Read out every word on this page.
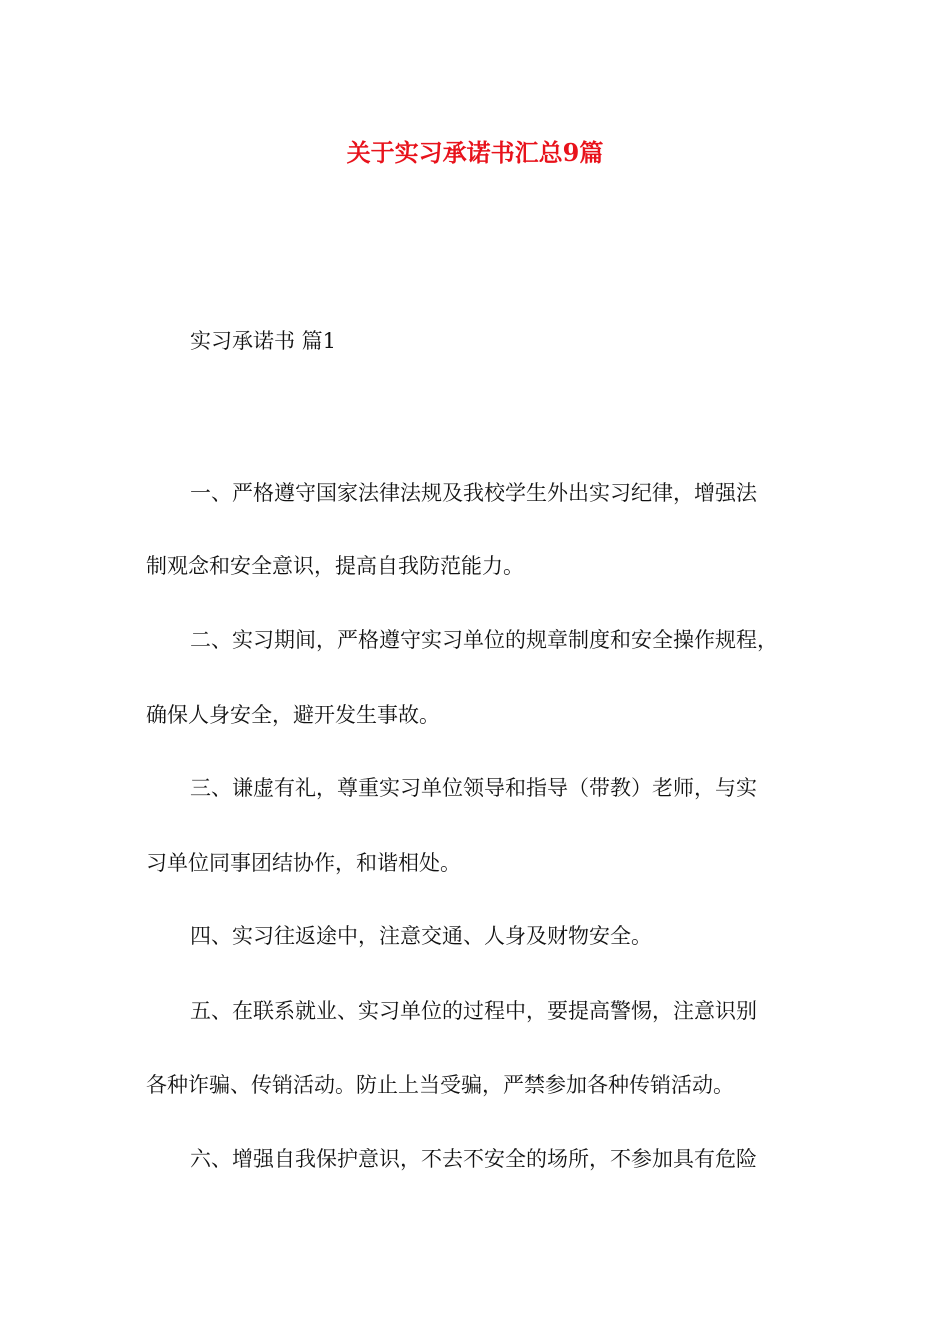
关于实习承诺书汇总9篇

实习承诺书 篇1

一、严格遵守国家法律法规及我校学生外出实习纪律，增强法

制观念和安全意识，提高自我防范能力。

二、实习期间，严格遵守实习单位的规章制度和安全操作规程，

确保人身安全，避开发生事故。

三、谦虚有礼，尊重实习单位领导和指导（带教）老师，与实

习单位同事团结协作，和谐相处。

四、实习往返途中，注意交通、人身及财物安全。

五、在联系就业、实习单位的过程中，要提高警惕，注意识别

各种诈骗、传销活动。防止上当受骗，严禁参加各种传销活动。

六、增强自我保护意识，不去不安全的场所，不参加具有危险
